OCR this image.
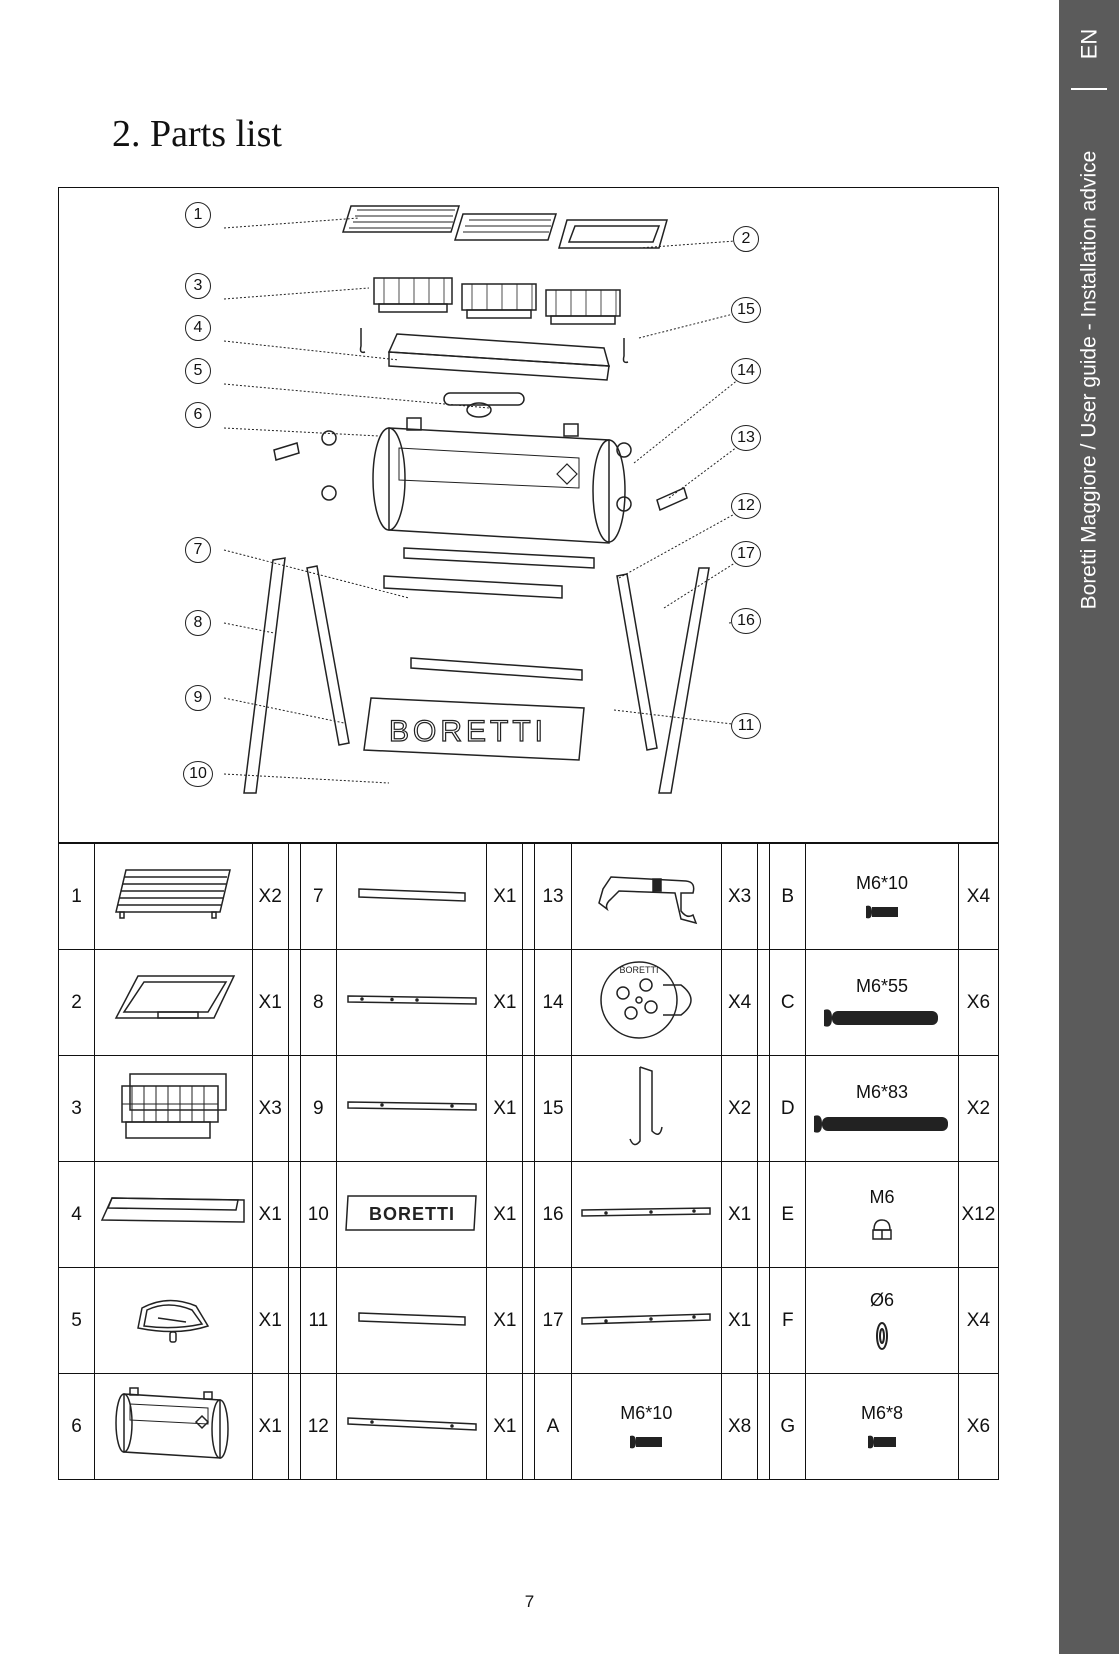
EN
Boretti Maggiore / User guide - Installation advice
2. Parts list
BORETTI
1
2
3
4
5
6
7
8
9
10
11
12
13
14
15
16
17
1		X2		7		X1		13		X3		B	M6*10	X4
2		X1		8		X1		14	BORETTI	X4		C	M6*55	X6
3		X3		9		X1		15		X2		D	M6*83	X2
4		X1		10	BORETTI	X1		16		X1		E	M6	X12
5		X1		11		X1		17		X1		F	Ø6	X4
6		X1		12		X1		A	M6*10	X8		G	M6*8	X6
7
